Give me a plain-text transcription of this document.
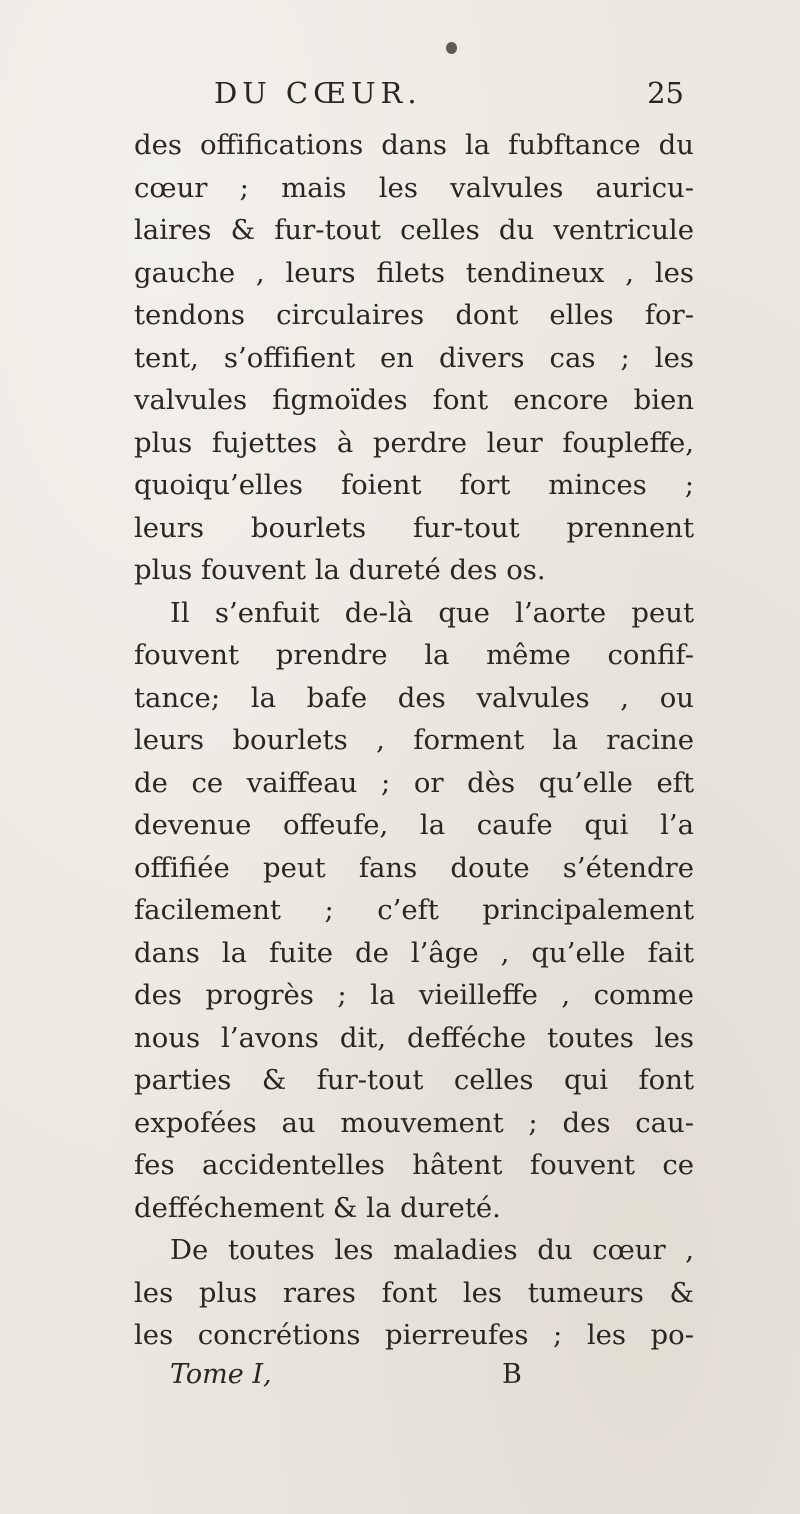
DU CŒUR.	25
des offifications dans la fubftance du
cœur ; mais les valvules auricu-
laires & fur-tout celles du ventricule
gauche , leurs filets tendineux , les
tendons circulaires dont elles for-
tent, s’offifient en divers cas ; les
valvules figmoïdes font encore bien
plus fujettes à perdre leur foupleffe,
quoiqu’elles foient fort minces ;
leurs bourlets fur-tout prennent
plus fouvent la dureté des os.
Il s’enfuit de-là que l’aorte peut
fouvent prendre la même confif-
tance; la bafe des valvules , ou
leurs bourlets , forment la racine
de ce vaiffeau ; or dès qu’elle eft
devenue offeufe, la caufe qui l’a
offifiée peut fans doute s’étendre
facilement ; c’eft principalement
dans la fuite de l’âge , qu’elle fait
des progrès ; la vieilleffe , comme
nous l’avons dit, defféche toutes les
parties & fur-tout celles qui font
expofées au mouvement ; des cau-
fes accidentelles hâtent fouvent ce
defféchement & la dureté.
De toutes les maladies du cœur ,
les plus rares font les tumeurs &
les concrétions pierreufes ; les po-
Tome I,	B
